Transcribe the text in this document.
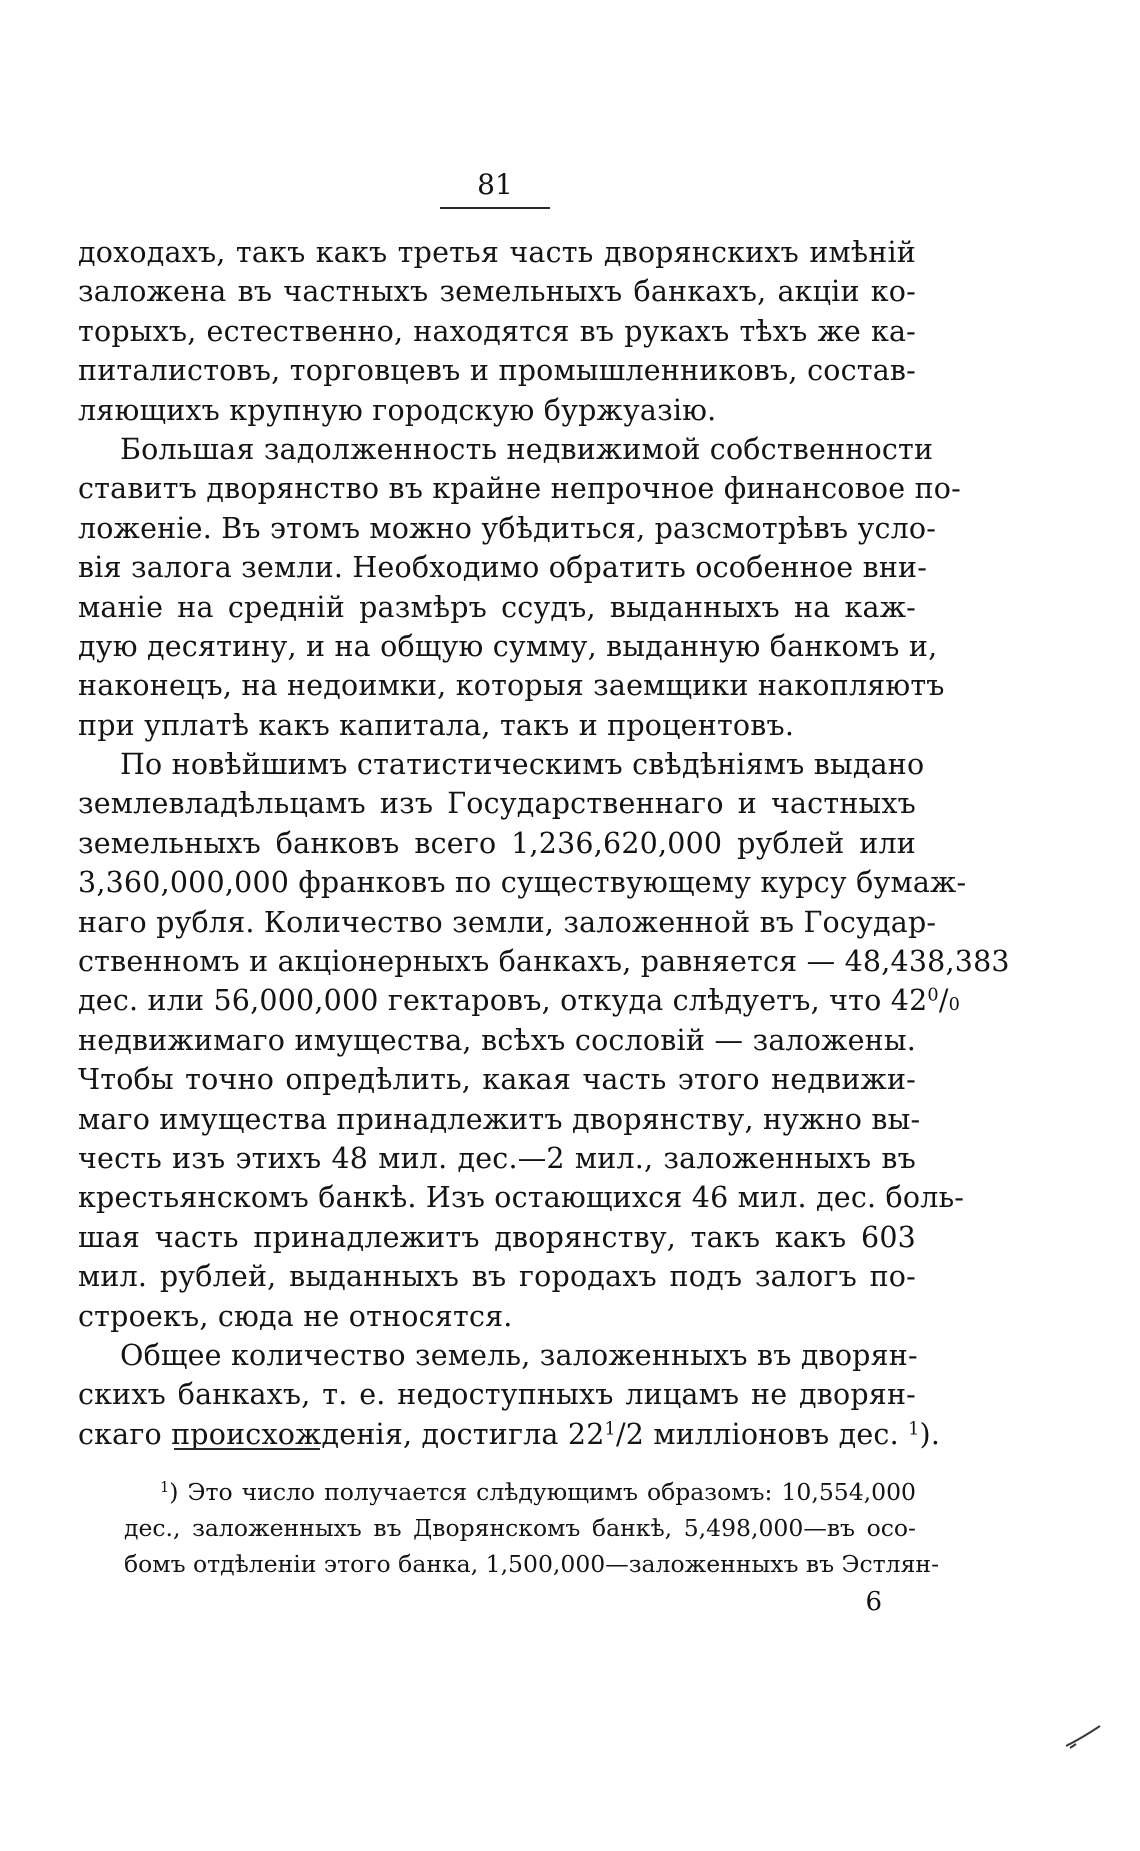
81
доходахъ, такъ какъ третья часть дворянскихъ имѣній
заложена въ частныхъ земельныхъ банкахъ, акціи ко-
торыхъ, естественно, находятся въ рукахъ тѣхъ же ка-
питалистовъ, торговцевъ и промышленниковъ, состав-
ляющихъ крупную городскую буржуазію.
Большая задолженность недвижимой собственности
ставитъ дворянство въ крайне непрочное финансовое по-
ложеніе. Въ этомъ можно убѣдиться, разсмотрѣвъ усло-
вія залога земли. Необходимо обратить особенное вни-
маніе на средній размѣръ ссудъ, выданныхъ на каж-
дую десятину, и на общую сумму, выданную банкомъ и,
наконецъ, на недоимки, которыя заемщики накопляютъ
при уплатѣ какъ капитала, такъ и процентовъ.
По новѣйшимъ статистическимъ свѣдѣніямъ выдано
землевладѣльцамъ изъ Государственнаго и частныхъ
земельныхъ банковъ всего 1,236,620,000 рублей или
3,360,000,000 франковъ по существующему курсу бумаж-
наго рубля. Количество земли, заложенной въ Государ-
ственномъ и акціонерныхъ банкахъ, равняется — 48,438,383
дес. или 56,000,000 гектаровъ, откуда слѣдуетъ, что $42^0/0$
недвижимаго имущества, всѣхъ сословій — заложены.
Чтобы точно опредѣлить, какая часть этого недвижи-
маго имущества принадлежитъ дворянству, нужно вы-
честь изъ этихъ 48 мил. дес.—2 мил., заложенныхъ въ
крестьянскомъ банкѣ. Изъ остающихся 46 мил. дес. боль-
шая часть принадлежитъ дворянству, такъ какъ 603
мил. рублей, выданныхъ въ городахъ подъ залогъ по-
строекъ, сюда не относятся.
Общее количество земель, заложенныхъ въ дворян-
скихъ банкахъ, т. е. недоступныхъ лицамъ не дворян-
скаго происхожденія, достигла $22^1/2$ миллiоновъ дес. $^1$).
$^1$) Это число получается слѣдующимъ образомъ: 10,554,000
дес., заложенныхъ въ Дворянскомъ банкѣ, 5,498,000—въ осо-
бомъ отдѣленіи этого банка, 1,500,000—заложенныхъ въ Эстлян-
6
